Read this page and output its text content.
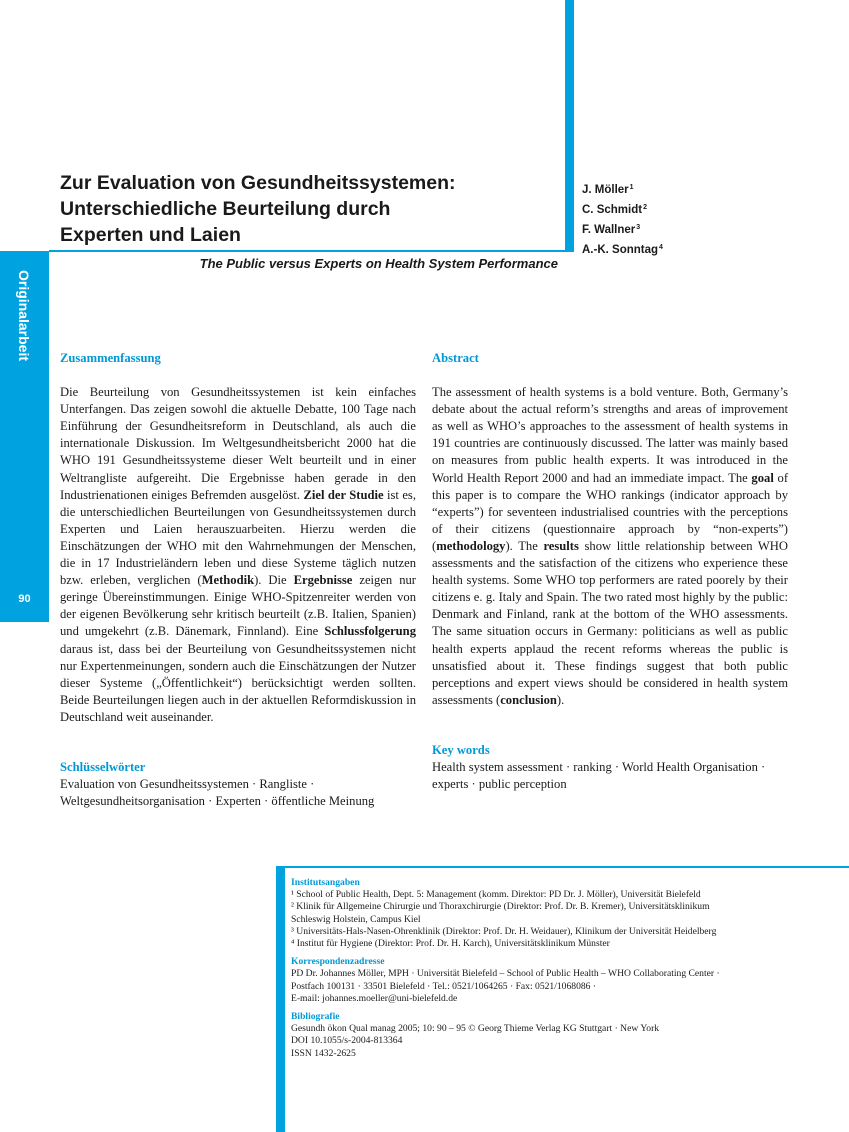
Originalarbeit
90
Zur Evaluation von Gesundheitssystemen:
Unterschiedliche Beurteilung durch
Experten und Laien
J. Möller$^1$
C. Schmidt$^2$
F. Wallner$^3$
A.-K. Sonntag$^4$
The Public versus Experts on Health System Performance

Zusammenfassung

Die Beurteilung von Gesundheitssystemen ist kein einfaches Unterfangen. Das zeigen sowohl die aktuelle Debatte, 100 Tage nach Einführung der Gesundheitsreform in Deutschland, als auch die internationale Diskussion. Im Weltgesundheitsbericht 2000 hat die WHO 191 Gesundheitssysteme dieser Welt beurteilt und in einer Weltrangliste aufgereiht. Die Ergebnisse haben gerade in den Industrienationen einiges Befremden ausgelöst. Ziel der Studie ist es, die unterschiedlichen Beurteilungen von Gesundheitssystemen durch Experten und Laien herauszuarbeiten. Hierzu werden die Einschätzungen der WHO mit den Wahrnehmungen der Menschen, die in 17 Industrieländern leben und diese Systeme täglich nutzen bzw. erleben, verglichen (Methodik). Die Ergebnisse zeigen nur geringe Übereinstimmungen. Einige WHO-Spitzenreiter werden von der eigenen Bevölkerung sehr kritisch beurteilt (z.B. Italien, Spanien) und umgekehrt (z.B. Dänemark, Finnland). Eine Schlussfolgerung daraus ist, dass bei der Beurteilung von Gesundheitssystemen nicht nur Expertenmeinungen, sondern auch die Einschätzungen der Nutzer dieser Systeme („Öffentlichkeit“) berücksichtigt werden sollten. Beide Beurteilungen liegen auch in der aktuellen Reformdiskussion in Deutschland weit auseinander.

Schlüsselwörter

Evaluation von Gesundheitssystemen · Rangliste · Weltgesundheitsorganisation · Experten · öffentliche Meinung

Abstract

The assessment of health systems is a bold venture. Both, Germany’s debate about the actual reform’s strengths and areas of improvement as well as WHO’s approaches to the assessment of health systems in 191 countries are continuously discussed. The latter was mainly based on measures from public health experts. It was introduced in the World Health Report 2000 and had an immediate impact. The goal of this paper is to compare the WHO rankings (indicator approach by “experts”) for seventeen industrialised countries with the perceptions of their citizens (questionnaire approach by “non-experts”) (methodology). The results show little relationship between WHO assessments and the satisfaction of the citizens who experience these health systems. Some WHO top performers are rated poorely by their citizens e. g. Italy and Spain. The two rated most highly by the public: Denmark and Finland, rank at the bottom of the WHO assessments. The same situation occurs in Germany: politicians as well as public health experts applaud the recent reforms whereas the public is unsatisfied about it. These findings suggest that both public perceptions and expert views should be considered in health system assessments (conclusion).

Key words

Health system assessment · ranking · World Health Organisation · experts · public perception

Institutsangaben

¹ School of Public Health, Dept. 5: Management (komm. Direktor: PD Dr. J. Möller), Universität Bielefeld

² Klinik für Allgemeine Chirurgie und Thoraxchirurgie (Direktor: Prof. Dr. B. Kremer), Universitätsklinikum

Schleswig Holstein, Campus Kiel

³ Universitäts-Hals-Nasen-Ohrenklinik (Direktor: Prof. Dr. H. Weidauer), Klinikum der Universität Heidelberg

⁴ Institut für Hygiene (Direktor: Prof. Dr. H. Karch), Universitätsklinikum Münster

Korrespondenzadresse

PD Dr. Johannes Möller, MPH · Universität Bielefeld – School of Public Health – WHO Collaborating Center ·

Postfach 100131 · 33501 Bielefeld · Tel.: 0521/1064265 · Fax: 0521/1068086 ·

E-mail: johannes.moeller@uni-bielefeld.de

Bibliografie

Gesundh ökon Qual manag 2005; 10: 90 – 95 © Georg Thieme Verlag KG Stuttgart · New York

DOI 10.1055/s-2004-813364

ISSN 1432-2625
